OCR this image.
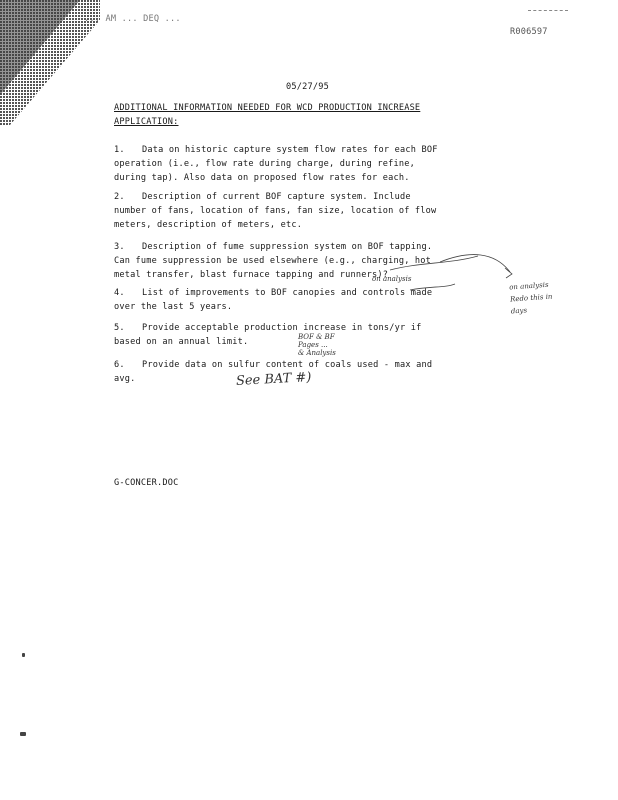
... AM ... DEQ ...
R006597
05/27/95
ADDITIONAL INFORMATION NEEDED FOR WCD PRODUCTION INCREASE
APPLICATION:
1. Data on historic capture system flow rates for each BOF
operation (i.e., flow rate during charge, during refine,
during tap). Also data on proposed flow rates for each.
2. Description of current BOF capture system. Include
number of fans, location of fans, fan size, location of flow
meters, description of meters, etc.
3. Description of fume suppression system on BOF tapping.
Can fume suppression be used elsewhere (e.g., charging, hot
metal transfer, blast furnace tapping and runners)?
4. List of improvements to BOF canopies and controls made
over the last 5 years.
5. Provide acceptable production increase in tons/yr if
based on an annual limit.
6. Provide data on sulfur content of coals used - max and
avg.
on analysis
on analysis
Redo this in
days
BOF & BF
Pages ...
& Analysis
See BAT #)
G-CONCER.DOC
